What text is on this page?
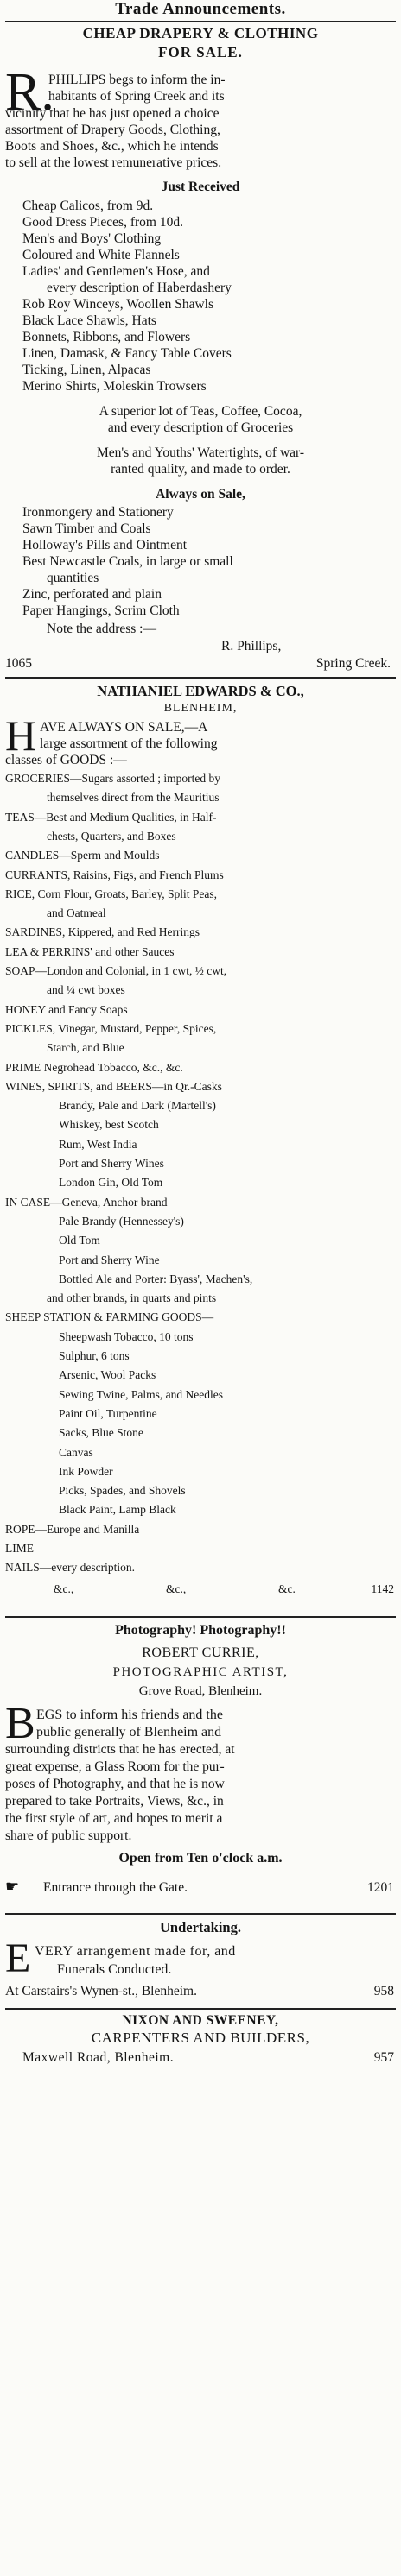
Trade Announcements.
CHEAP DRAPERY & CLOTHING
FOR SALE.
R.
PHILLIPS begs to inform the in-
habitants of Spring Creek and its
vicinity that he has just opened a choice
assortment of Drapery Goods, Clothing,
Boots and Shoes, &c., which he intends
to sell at the lowest remunerative prices.
Just Received
Cheap Calicos, from 9d.
Good Dress Pieces, from 10d.
Men's and Boys' Clothing
Coloured and White Flannels
Ladies' and Gentlemen's Hose, and
every description of Haberdashery
Rob Roy Winceys, Woollen Shawls
Black Lace Shawls, Hats
Bonnets, Ribbons, and Flowers
Linen, Damask, & Fancy Table Covers
Ticking, Linen, Alpacas
Merino Shirts, Moleskin Trowsers
A superior lot of Teas, Coffee, Cocoa,
and every description of Groceries
Men's and Youths' Watertights, of war-
ranted quality, and made to order.
Always on Sale,
Ironmongery and Stationery
Sawn Timber and Coals
Holloway's Pills and Ointment
Best Newcastle Coals, in large or small
quantities
Zinc, perforated and plain
Paper Hangings, Scrim Cloth
Note the address :—
R. Phillips,
1065	Spring Creek.
NATHANIEL EDWARDS & CO.,
BLENHEIM,
H AVE ALWAYS ON SALE,—A
large assortment of the following
classes of GOODS :—
GROCERIES—Sugars assorted ; imported by
themselves direct from the Mauritius
TEAS—Best and Medium Qualities, in Half-
chests, Quarters, and Boxes
CANDLES—Sperm and Moulds
CURRANTS, Raisins, Figs, and French Plums
RICE, Corn Flour, Groats, Barley, Split Peas,
and Oatmeal
SARDINES, Kippered, and Red Herrings
LEA & PERRINS' and other Sauces
SOAP—London and Colonial, in 1 cwt, ½ cwt,
and ¼ cwt boxes
HONEY and Fancy Soaps
PICKLES, Vinegar, Mustard, Pepper, Spices,
Starch, and Blue
PRIME Negrohead Tobacco, &c., &c.
WINES, SPIRITS, and BEERS—in Qr.-Casks
Brandy, Pale and Dark (Martell's)
Whiskey, best Scotch
Rum, West India
Port and Sherry Wines
London Gin, Old Tom
IN CASE—Geneva, Anchor brand
Pale Brandy (Hennessey's)
Old Tom
Port and Sherry Wine
Bottled Ale and Porter: Byass', Machen's,
and other brands, in quarts and pints
SHEEP STATION & FARMING GOODS—
Sheepwash Tobacco, 10 tons
Sulphur, 6 tons
Arsenic, Wool Packs
Sewing Twine, Palms, and Needles
Paint Oil, Turpentine
Sacks, Blue Stone
Canvas
Ink Powder
Picks, Spades, and Shovels
Black Paint, Lamp Black
ROPE—Europe and Manilla
LIME
NAILS—every description.
&c.,	&c.,	&c.	1142
Photography! Photography!!
ROBERT CURRIE,
PHOTOGRAPHIC ARTIST,
Grove Road, Blenheim.
B EGS to inform his friends and the
public generally of Blenheim and
surrounding districts that he has erected, at
great expense, a Glass Room for the pur-
poses of Photography, and that he is now
prepared to take Portraits, Views, &c., in
the first style of art, and hopes to merit a
share of public support.
Open from Ten o'clock a.m.
☛	Entrance through the Gate.	1201
Undertaking.
E VERY arrangement made for, and
Funerals Conducted.
At Carstairs's Wynen-st., Blenheim.	958
NIXON AND SWEENEY,
CARPENTERS AND BUILDERS,
Maxwell Road, Blenheim.	957
